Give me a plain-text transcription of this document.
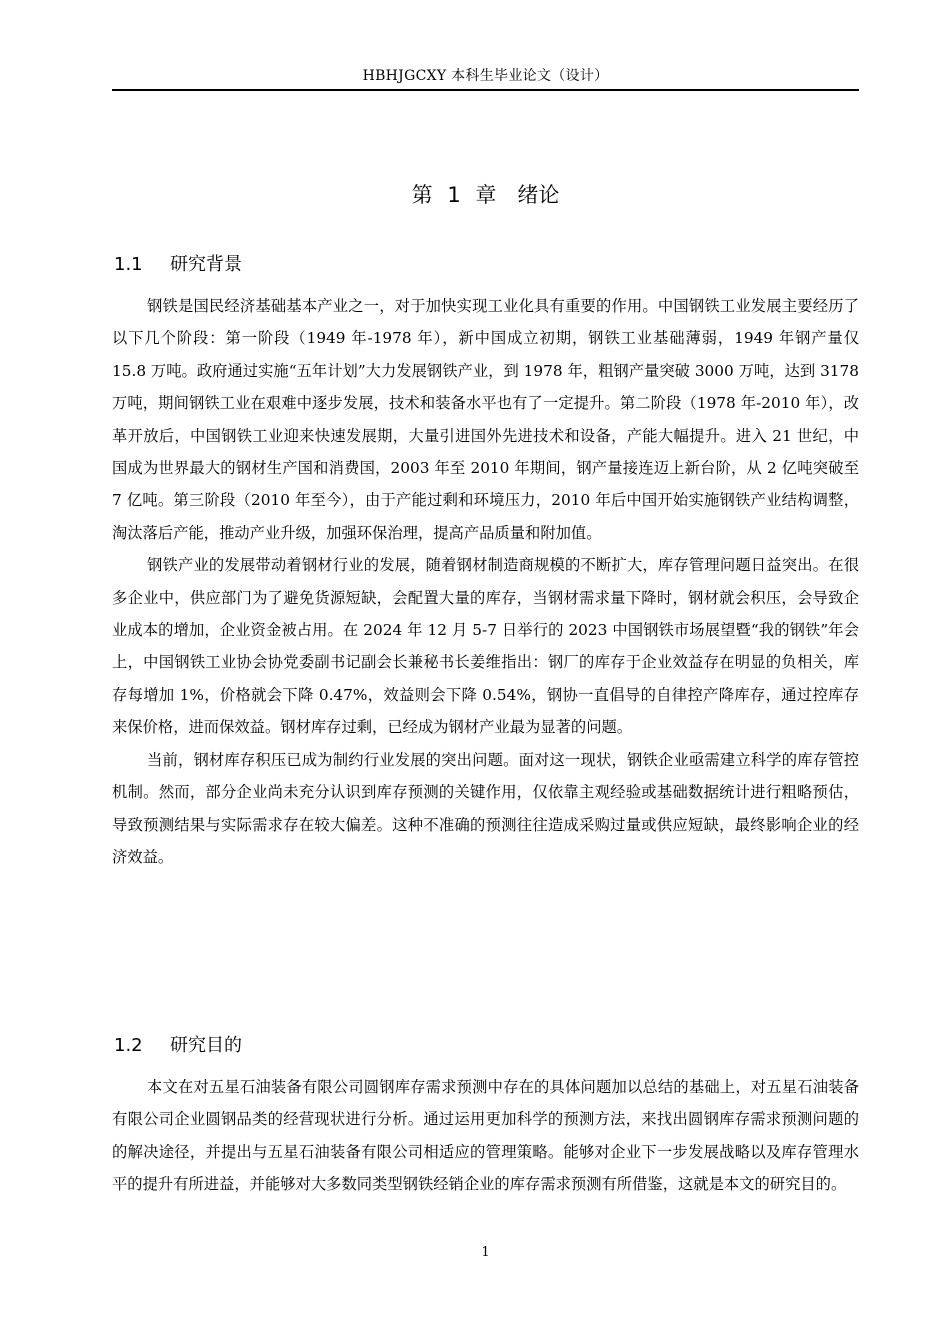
HBHJGCXY 本科生毕业论文（设计）
第 1 章　绪论
1.1 研究背景

钢铁是国民经济基础基本产业之一，对于加快实现工业化具有重要的作用。中国钢铁工业发展主要经历了以下几个阶段：第一阶段（1949 年-1978 年），新中国成立初期，钢铁工业基础薄弱，1949 年钢产量仅 15.8 万吨。政府通过实施“五年计划”大力发展钢铁产业，到 1978 年，粗钢产量突破 3000 万吨，达到 3178 万吨，期间钢铁工业在艰难中逐步发展，技术和装备水平也有了一定提升。第二阶段（1978 年-2010 年），改革开放后，中国钢铁工业迎来快速发展期，大量引进国外先进技术和设备，产能大幅提升。进入 21 世纪，中国成为世界最大的钢材生产国和消费国，2003 年至 2010 年期间，钢产量接连迈上新台阶，从 2 亿吨突破至 7 亿吨。第三阶段（2010 年至今），由于产能过剩和环境压力，2010 年后中国开始实施钢铁产业结构调整，淘汰落后产能，推动产业升级，加强环保治理，提高产品质量和附加值。

钢铁产业的发展带动着钢材行业的发展，随着钢材制造商规模的不断扩大，库存管理问题日益突出。在很多企业中，供应部门为了避免货源短缺，会配置大量的库存，当钢材需求量下降时，钢材就会积压，会导致企业成本的增加，企业资金被占用。在 2024 年 12 月 5-7 日举行的 2023 中国钢铁市场展望暨“我的钢铁”年会上，中国钢铁工业协会协党委副书记副会长兼秘书长姜维指出：钢厂的库存于企业效益存在明显的负相关，库存每增加 1%，价格就会下降 0.47%，效益则会下降 0.54%，钢协一直倡导的自律控产降库存，通过控库存来保价格，进而保效益。钢材库存过剩，已经成为钢材产业最为显著的问题。

当前，钢材库存积压已成为制约行业发展的突出问题。面对这一现状，钢铁企业亟需建立科学的库存管控机制。然而，部分企业尚未充分认识到库存预测的关键作用，仅依靠主观经验或基础数据统计进行粗略预估，导致预测结果与实际需求存在较大偏差。这种不准确的预测往往造成采购过量或供应短缺，最终影响企业的经济效益。

1.2 研究目的

本文在对五星石油装备有限公司圆钢库存需求预测中存在的具体问题加以总结的基础上，对五星石油装备有限公司企业圆钢品类的经营现状进行分析。通过运用更加科学的预测方法，来找出圆钢库存需求预测问题的的解决途径，并提出与五星石油装备有限公司相适应的管理策略。能够对企业下一步发展战略以及库存管理水平的提升有所进益，并能够对大多数同类型钢铁经销企业的库存需求预测有所借鉴，这就是本文的研究目的。

1
